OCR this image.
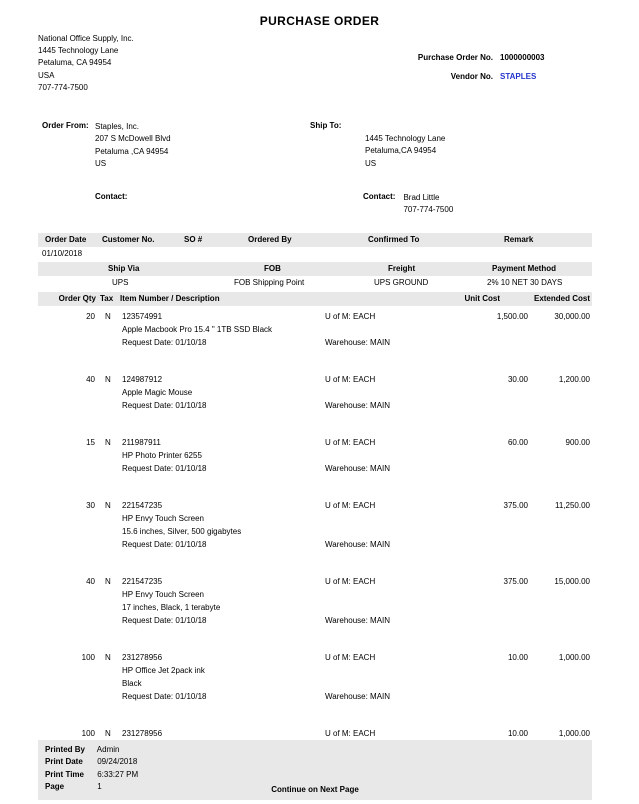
PURCHASE ORDER
National Office Supply, Inc.
1445 Technology Lane
Petaluma, CA 94954
USA
707-774-7500
Purchase Order No. 1000000003
Vendor No. STAPLES
Order From: Staples, Inc.
207 S McDowell Blvd
Petaluma ,CA 94954
US
Ship To:
1445 Technology Lane
Petaluma,CA 94954
US
Contact:	Contact: Brad Little
707-774-7500
Order Date Customer No.	SO #	Ordered By	Confirmed To	Remark
01/10/2018
Ship Via	FOB	Freight	Payment Method
UPS	FOB Shipping Point	UPS GROUND	2% 10 NET 30 DAYS
Order Qty Tax Item Number / Description	Unit Cost	Extended Cost
20	N	123574991	U of M: EACH	1,500.00	30,000.00
Apple Macbook Pro 15.4 " 1TB SSD Black
Request Date: 01/10/18	Warehouse: MAIN
40	N	124987912	U of M: EACH	30.00	1,200.00
Apple Magic Mouse
Request Date: 01/10/18	Warehouse: MAIN
15	N	211987911	U of M: EACH	60.00	900.00
HP Photo Printer 6255
Request Date: 01/10/18	Warehouse: MAIN
30	N	221547235	U of M: EACH	375.00	11,250.00
HP Envy Touch Screen
15.6 inches, Silver, 500 gigabytes
Request Date: 01/10/18	Warehouse: MAIN
40	N	221547235	U of M: EACH	375.00	15,000.00
HP Envy Touch Screen
17 inches, Black, 1 terabyte
Request Date: 01/10/18	Warehouse: MAIN
100	N	231278956	U of M: EACH	10.00	1,000.00
HP Office Jet 2pack ink
Black
Request Date: 01/10/18	Warehouse: MAIN
100	N	231278956	U of M: EACH	10.00	1,000.00
Printed By Admin
Print Date 09/24/2018
Print Time 6:33:27 PM
Page	1	Continue on Next Page
